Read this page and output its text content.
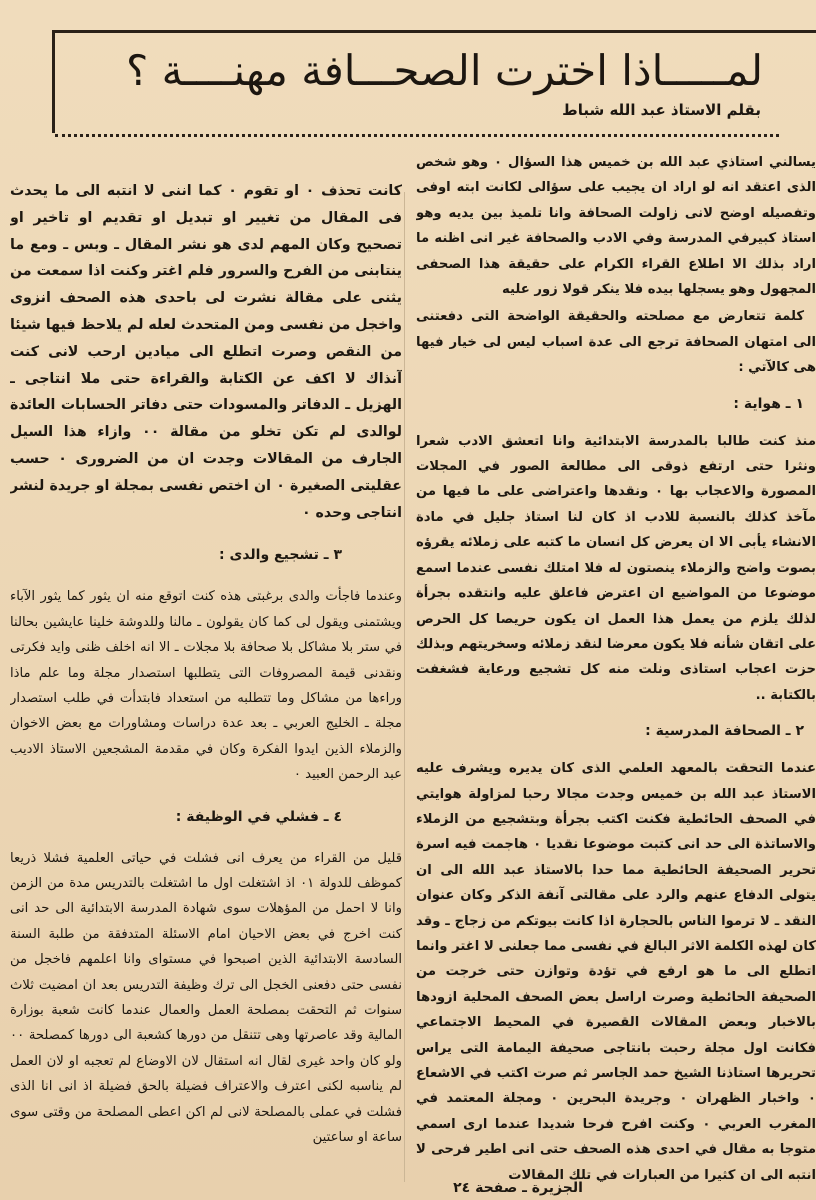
لمـــــاذا اخترت الصحـــافة مهنــــة ؟
بقلم الاستاذ عبد الله شباط

يسالني استاذي عبد الله بن خميس هذا السؤال ٠ وهو شخص الذى اعتقد انه لو اراد ان يجيب على سؤالى لكانت ابته اوفى وتفصيله اوضح لانى زاولت الصحافة وانا تلميذ بين يديه وهو استاذ كبيرفي المدرسة وفي الادب والصحافة غير انى اظنه ما اراد بذلك الا اطلاع القراء الكرام على حقيقة هذا الصحفى المجهول وهو يسجلها بيده فلا ينكر قولا زور عليه

كلمة تتعارض مع مصلحته والحقيقة الواضحة التى دفعتنى الى امتهان الصحافة ترجع الى عدة اسباب ليس لى خيار فيها هى كالآتي :

١ ـ هواية :

منذ كنت طالبا بالمدرسة الابتدائية وانا اتعشق الادب شعرا ونثرا حتى ارتفع ذوقى الى مطالعة الصور في المجلات المصورة والاعجاب بها ٠ ونقدها واعتراضى على ما فيها من مآخذ كذلك بالنسبة للادب اذ كان لنا استاذ جليل في مادة الانشاء يأبى الا ان يعرض كل انسان ما كتبه على زملائه يقرؤه بصوت واضح والزملاء ينصتون له فلا امتلك نفسى عندما اسمع موضوعا من المواضيع ان اعترض فاعلق عليه وانتقده بجرأة لذلك يلزم من يعمل هذا العمل ان يكون حريصا كل الحرص على اتقان شأنه فلا يكون معرضا لنقد زملائه وسخريتهم وبذلك حزت اعجاب استاذى ونلت منه كل تشجيع ورعاية فشغفت بالكتابة ..

٢ ـ الصحافة المدرسية :

عندما التحقت بالمعهد العلمي الذى كان يديره ويشرف عليه الاستاذ عبد الله بن خميس وجدت مجالا رحبا لمزاولة هوايتي في الصحف الحائطية فكنت اكتب بجرأة وبتشجيع من الزملاء والاساتذة الى حد انى كتبت موضوعا نقديا ٠ هاجمت فيه اسرة تحرير الصحيفة الحائطية مما حدا بالاستاذ عبد الله الى ان يتولى الدفاع عنهم والرد على مقالتى آنفة الذكر وكان عنوان النقد ـ لا ترموا الناس بالحجارة اذا كانت بيوتكم من زجاج ـ وقد كان لهذه الكلمة الاثر البالغ في نفسى مما جعلنى لا اغتر وانما اتطلع الى ما هو ارفع في تؤدة وتوازن حتى خرجت من الصحيفة الحائطية وصرت اراسل بعض الصحف المحلية ازودها بالاخبار وبعض المقالات القصيرة في المحيط الاجتماعي فكانت اول مجلة رحبت بانتاجى صحيفة اليمامة التى يراس تحريرها استاذنا الشيخ حمد الجاسر ثم صرت اكتب في الاشعاع ٠ واخبار الظهران ٠ وجريدة البحرين ٠ ومجلة المعتمد في المغرب العربي ٠ وكنت افرح فرحا شديدا عندما ارى اسمي متوجا به مقال في احدى هذه الصحف حتى انى اطير فرحى لا انتبه الى ان كثيرا من العبارات في تلك المقالات

كانت تحذف ٠ او تقوم ٠ كما اننى لا انتبه الى ما يحدث فى المقال من تغيير او تبديل او تقديم او تاخير او تصحيح وكان المهم لدى هو نشر المقال ـ وبس ـ ومع ما ينتابنى من الفرح والسرور فلم اغتر وكنت اذا سمعت من يثنى على مقالة نشرت لى باحدى هذه الصحف انزوى واخجل من نفسى ومن المتحدث لعله لم يلاحظ فيها شيئا من النقص وصرت اتطلع الى ميادين ارحب لانى كنت آنذاك لا اكف عن الكتابة والقراءة حتى ملا انتاجى ـ الهزيل ـ الدفاتر والمسودات حتى دفاتر الحسابات العائدة لوالدى لم تكن تخلو من مقالة ٠٠ وازاء هذا السيل الجارف من المقالات وجدت ان من الضرورى ٠ حسب عقليتى الصغيرة ٠ ان اختص نفسى بمجلة او جريدة لنشر انتاجى وحده ٠

٣ ـ تشجيع والدى :

وعندما فاجأت والدى برغبتى هذه كنت اتوقع منه ان يثور كما يثور الآباء ويشتمنى ويقول لى كما كان يقولون ـ مالنا وللدوشة خلينا عايشين بحالنا في ستر بلا مشاكل بلا صحافة بلا مجلات ـ الا انه اخلف ظنى وايد فكرتى ونقدنى قيمة المصروفات التى يتطلبها استصدار مجلة وما علم ماذا وراءها من مشاكل وما تتطلبه من استعداد فابتدأت في طلب استصدار مجلة ـ الخليج العربي ـ بعد عدة دراسات ومشاورات مع بعض الاخوان والزملاء الذين ايدوا الفكرة وكان في مقدمة المشجعين الاستاذ الاديب عبد الرحمن العبيد ٠

٤ ـ فشلي في الوظيفة :

قليل من القراء من يعرف انى فشلت في حياتى العلمية فشلا ذريعا كموظف للدولة ٠١ اذ اشتغلت اول ما اشتغلت بالتدريس مدة من الزمن وانا لا احمل من المؤهلات سوى شهادة المدرسة الابتدائية الى حد انى كنت اخرج في بعض الاحيان امام الاسئلة المتدفقة من طلبة السنة السادسة الابتدائية الذين اصبحوا في مستواى وانا اعلمهم فاخجل من نفسى حتى دفعنى الخجل الى ترك وظيفة التدريس بعد ان امضيت ثلاث سنوات ثم التحقت بمصلحة العمل والعمال عندما كانت شعبة بوزارة المالية وقد عاصرتها وهى تتنقل من دورها كشعبة الى دورها كمصلحة ٠٠ ولو كان واحد غيرى لقال انه استقال لان الاوضاع لم تعجبه او لان العمل لم يناسبه لكنى اعترف والاعتراف فضيلة بالحق فضيلة اذ انى انا الذى فشلت في عملى بالمصلحة لانى لم اكن اعطى المصلحة من وقتى سوى ساعة او ساعتين

الجزيرة ـ صفحة ٢٤
